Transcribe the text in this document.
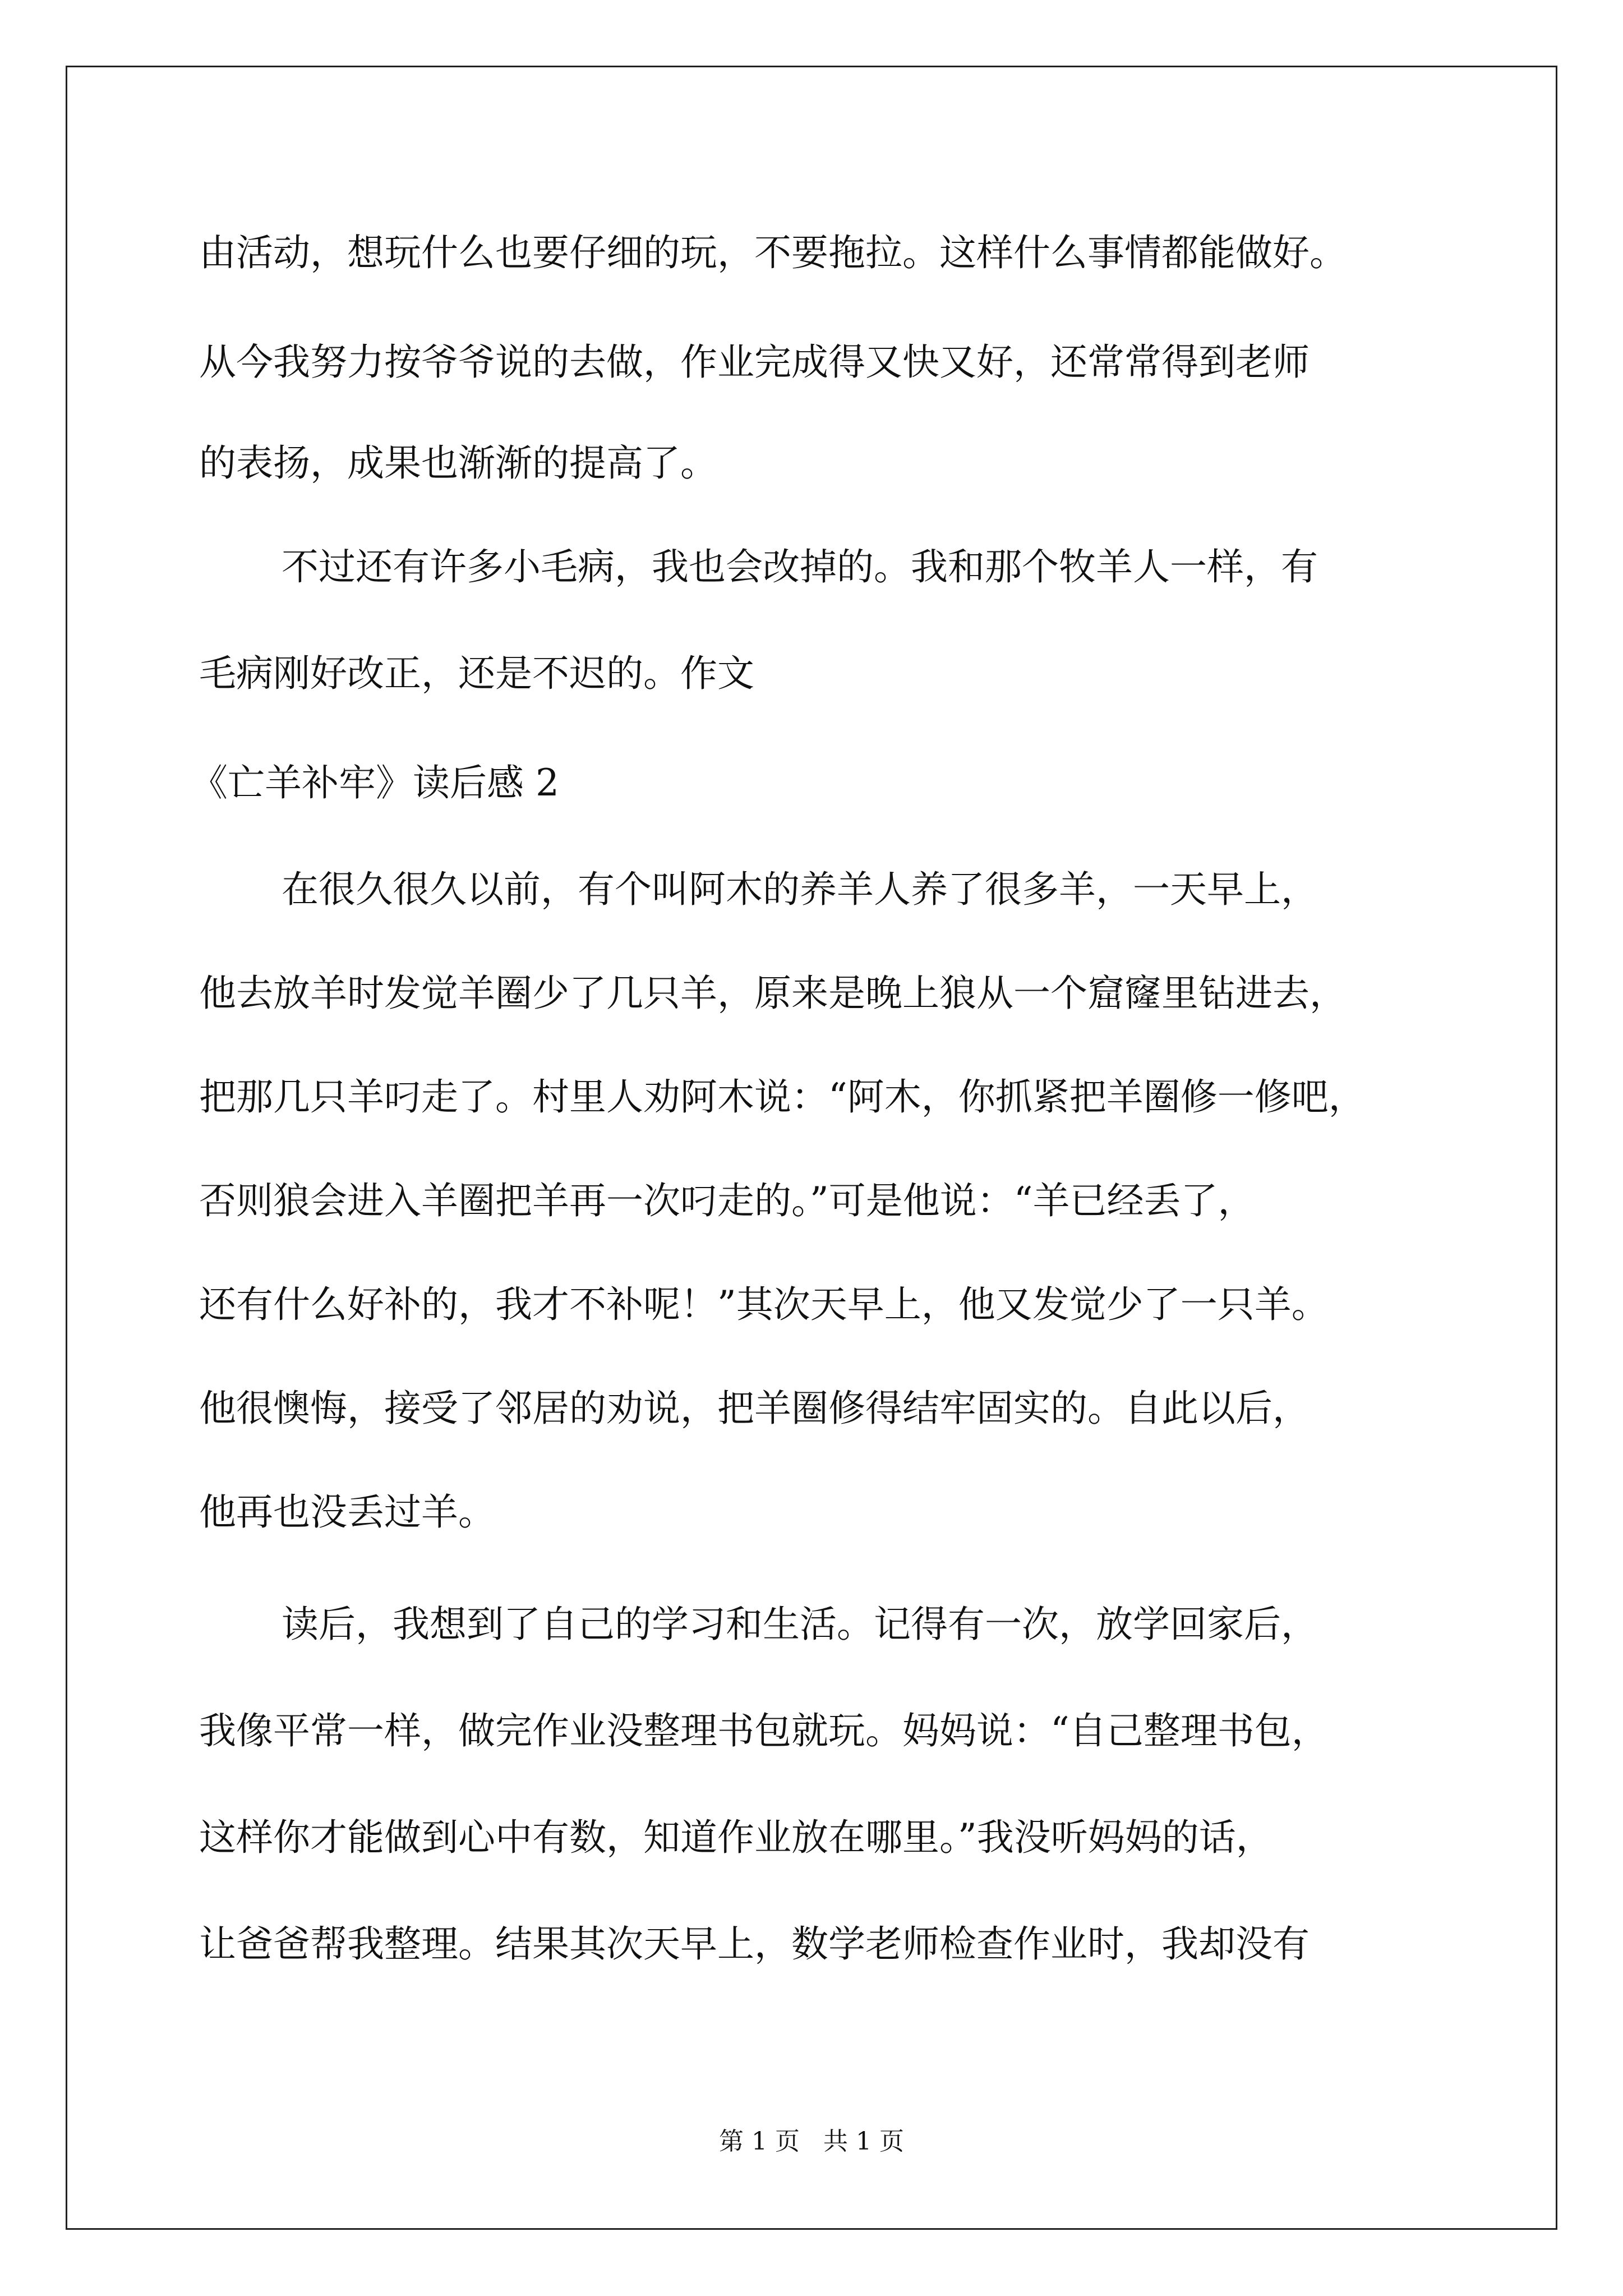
由活动，想玩什么也要仔细的玩，不要拖拉。这样什么事情都能做好。

从今我努力按爷爷说的去做，作业完成得又快又好，还常常得到老师

的表扬，成果也渐渐的提高了。

不过还有许多小毛病，我也会改掉的。我和那个牧羊人一样，有

毛病刚好改正，还是不迟的。作文

《亡羊补牢》读后感 2

在很久很久以前，有个叫阿木的养羊人养了很多羊，一天早上，

他去放羊时发觉羊圈少了几只羊，原来是晚上狼从一个窟窿里钻进去，

把那几只羊叼走了。村里人劝阿木说：“阿木，你抓紧把羊圈修一修吧，

否则狼会进入羊圈把羊再一次叼走的。”可是他说：“羊已经丢了，

还有什么好补的，我才不补呢！”其次天早上，他又发觉少了一只羊。

他很懊悔，接受了邻居的劝说，把羊圈修得结牢固实的。自此以后，

他再也没丢过羊。

读后，我想到了自己的学习和生活。记得有一次，放学回家后，

我像平常一样，做完作业没整理书包就玩。妈妈说：“自己整理书包，

这样你才能做到心中有数，知道作业放在哪里。”我没听妈妈的话，

让爸爸帮我整理。结果其次天早上，数学老师检查作业时，我却没有

第 1 页   共 1 页
